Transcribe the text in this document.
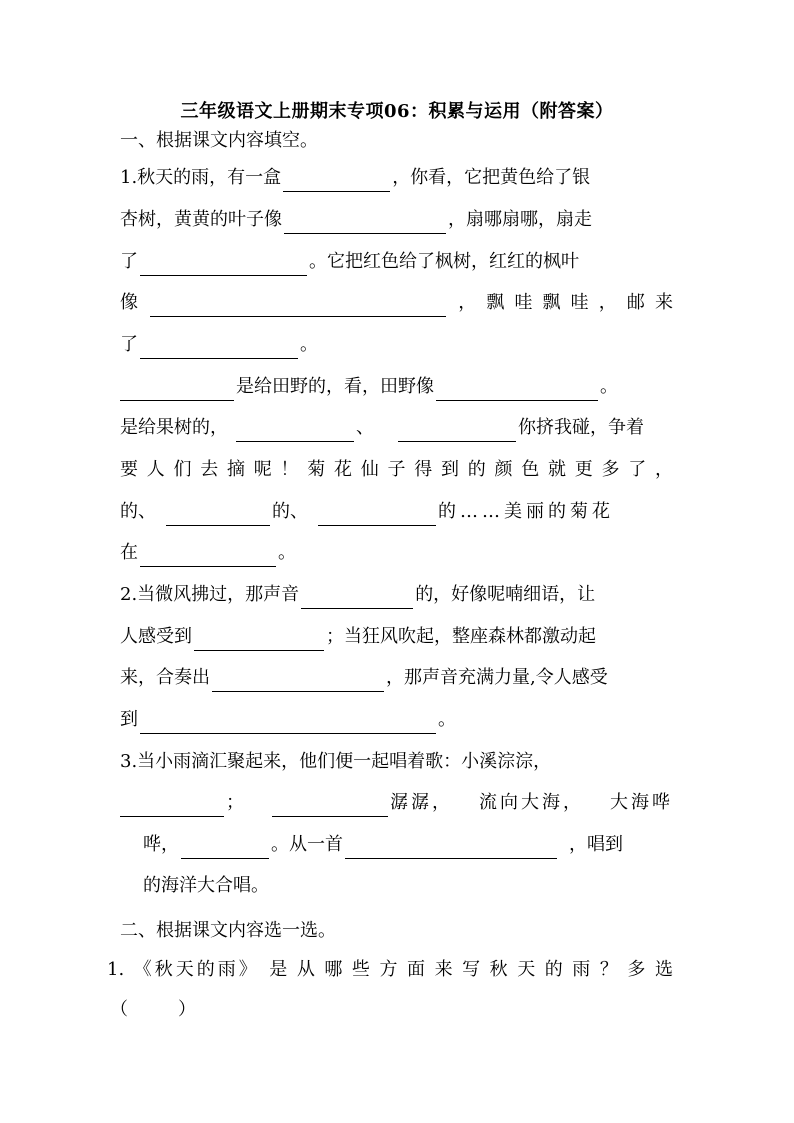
三年级语文上册期末专项06：积累与运用（附答案）
一、根据课文内容填空。
1.秋天的雨，有一盒	，你看，它把黄色给了银
杏树，黄黄的叶子像	，扇哪扇哪，扇走
了	。它把红色给了枫树，红红的枫叶
像	， 飘 哇 飘 哇 ， 邮 来
了	。
是给田野的，看，田野像	。
是给果树的，	、	你挤我碰，争着
要 人 们 去 摘 呢 ！ 菊 花 仙 子 得 到 的 颜 色 就 更 多 了 ，
的、	的、	的……美丽的菊花
在	。
2.当微风拂过，那声音	的，好像呢喃细语，让
人感受到	；当狂风吹起，整座森林都激动起
来，合奏出	，那声音充满力量,令人感受
到	。
3.当小雨滴汇聚起来，他们便一起唱着歌：小溪淙淙，
；	潺潺， 流向大海， 大海哗
哗，	。从一首	，唱到
的海洋大合唱。
二、根据课文内容选一选。
1. 《秋天的雨》 是 从 哪 些 方 面 来 写 秋 天 的 雨 ？ 多 选
（	）
